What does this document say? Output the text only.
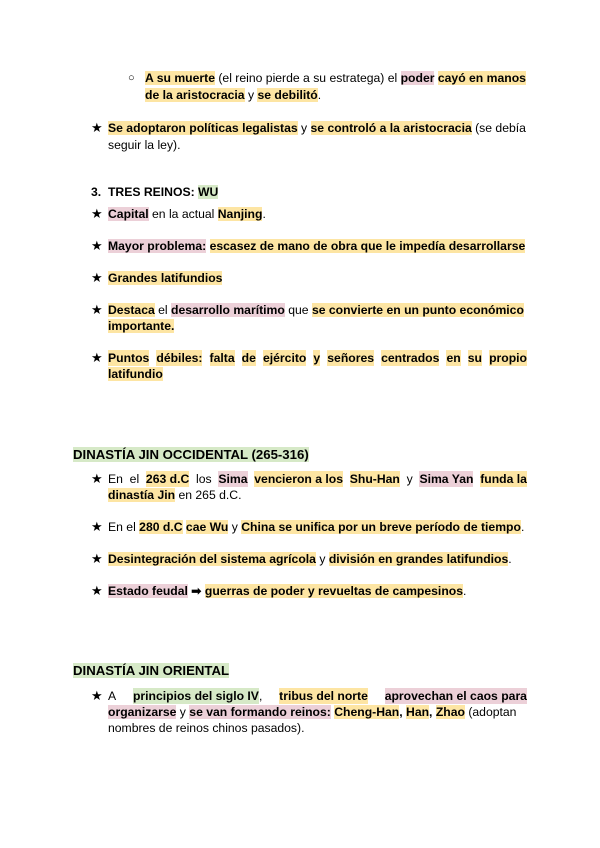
○ A su muerte (el reino pierde a su estratega) el poder cayó en manos
de la aristocracia y se debilitó.
★ Se adoptaron políticas legalistas y se controló a la aristocracia (se debía
seguir la ley).
3. TRES REINOS: WU
★ Capital en la actual Nanjing.
★ Mayor problema: escasez de mano de obra que le impedía desarrollarse
★ Grandes latifundios
★ Destaca el desarrollo marítimo que se convierte en un punto económico
importante.
★ Puntos débiles: falta de ejército y señores centrados en su propio
latifundio
DINASTÍA JIN OCCIDENTAL (265-316)
★ En el 263 d.C los Sima vencieron a los Shu-Han y Sima Yan funda la
dinastía Jin en 265 d.C.
★ En el 280 d.C cae Wu y China se unifica por un breve período de tiempo.
★ Desintegración del sistema agrícola y división en grandes latifundios.
★ Estado feudal ➡ guerras de poder y revueltas de campesinos.
DINASTÍA JIN ORIENTAL
★ A principios del siglo IV , tribus del norte aprovechan el caos para
organizarse y se van formando reinos: Cheng-Han, Han, Zhao (adoptan
nombres de reinos chinos pasados).
